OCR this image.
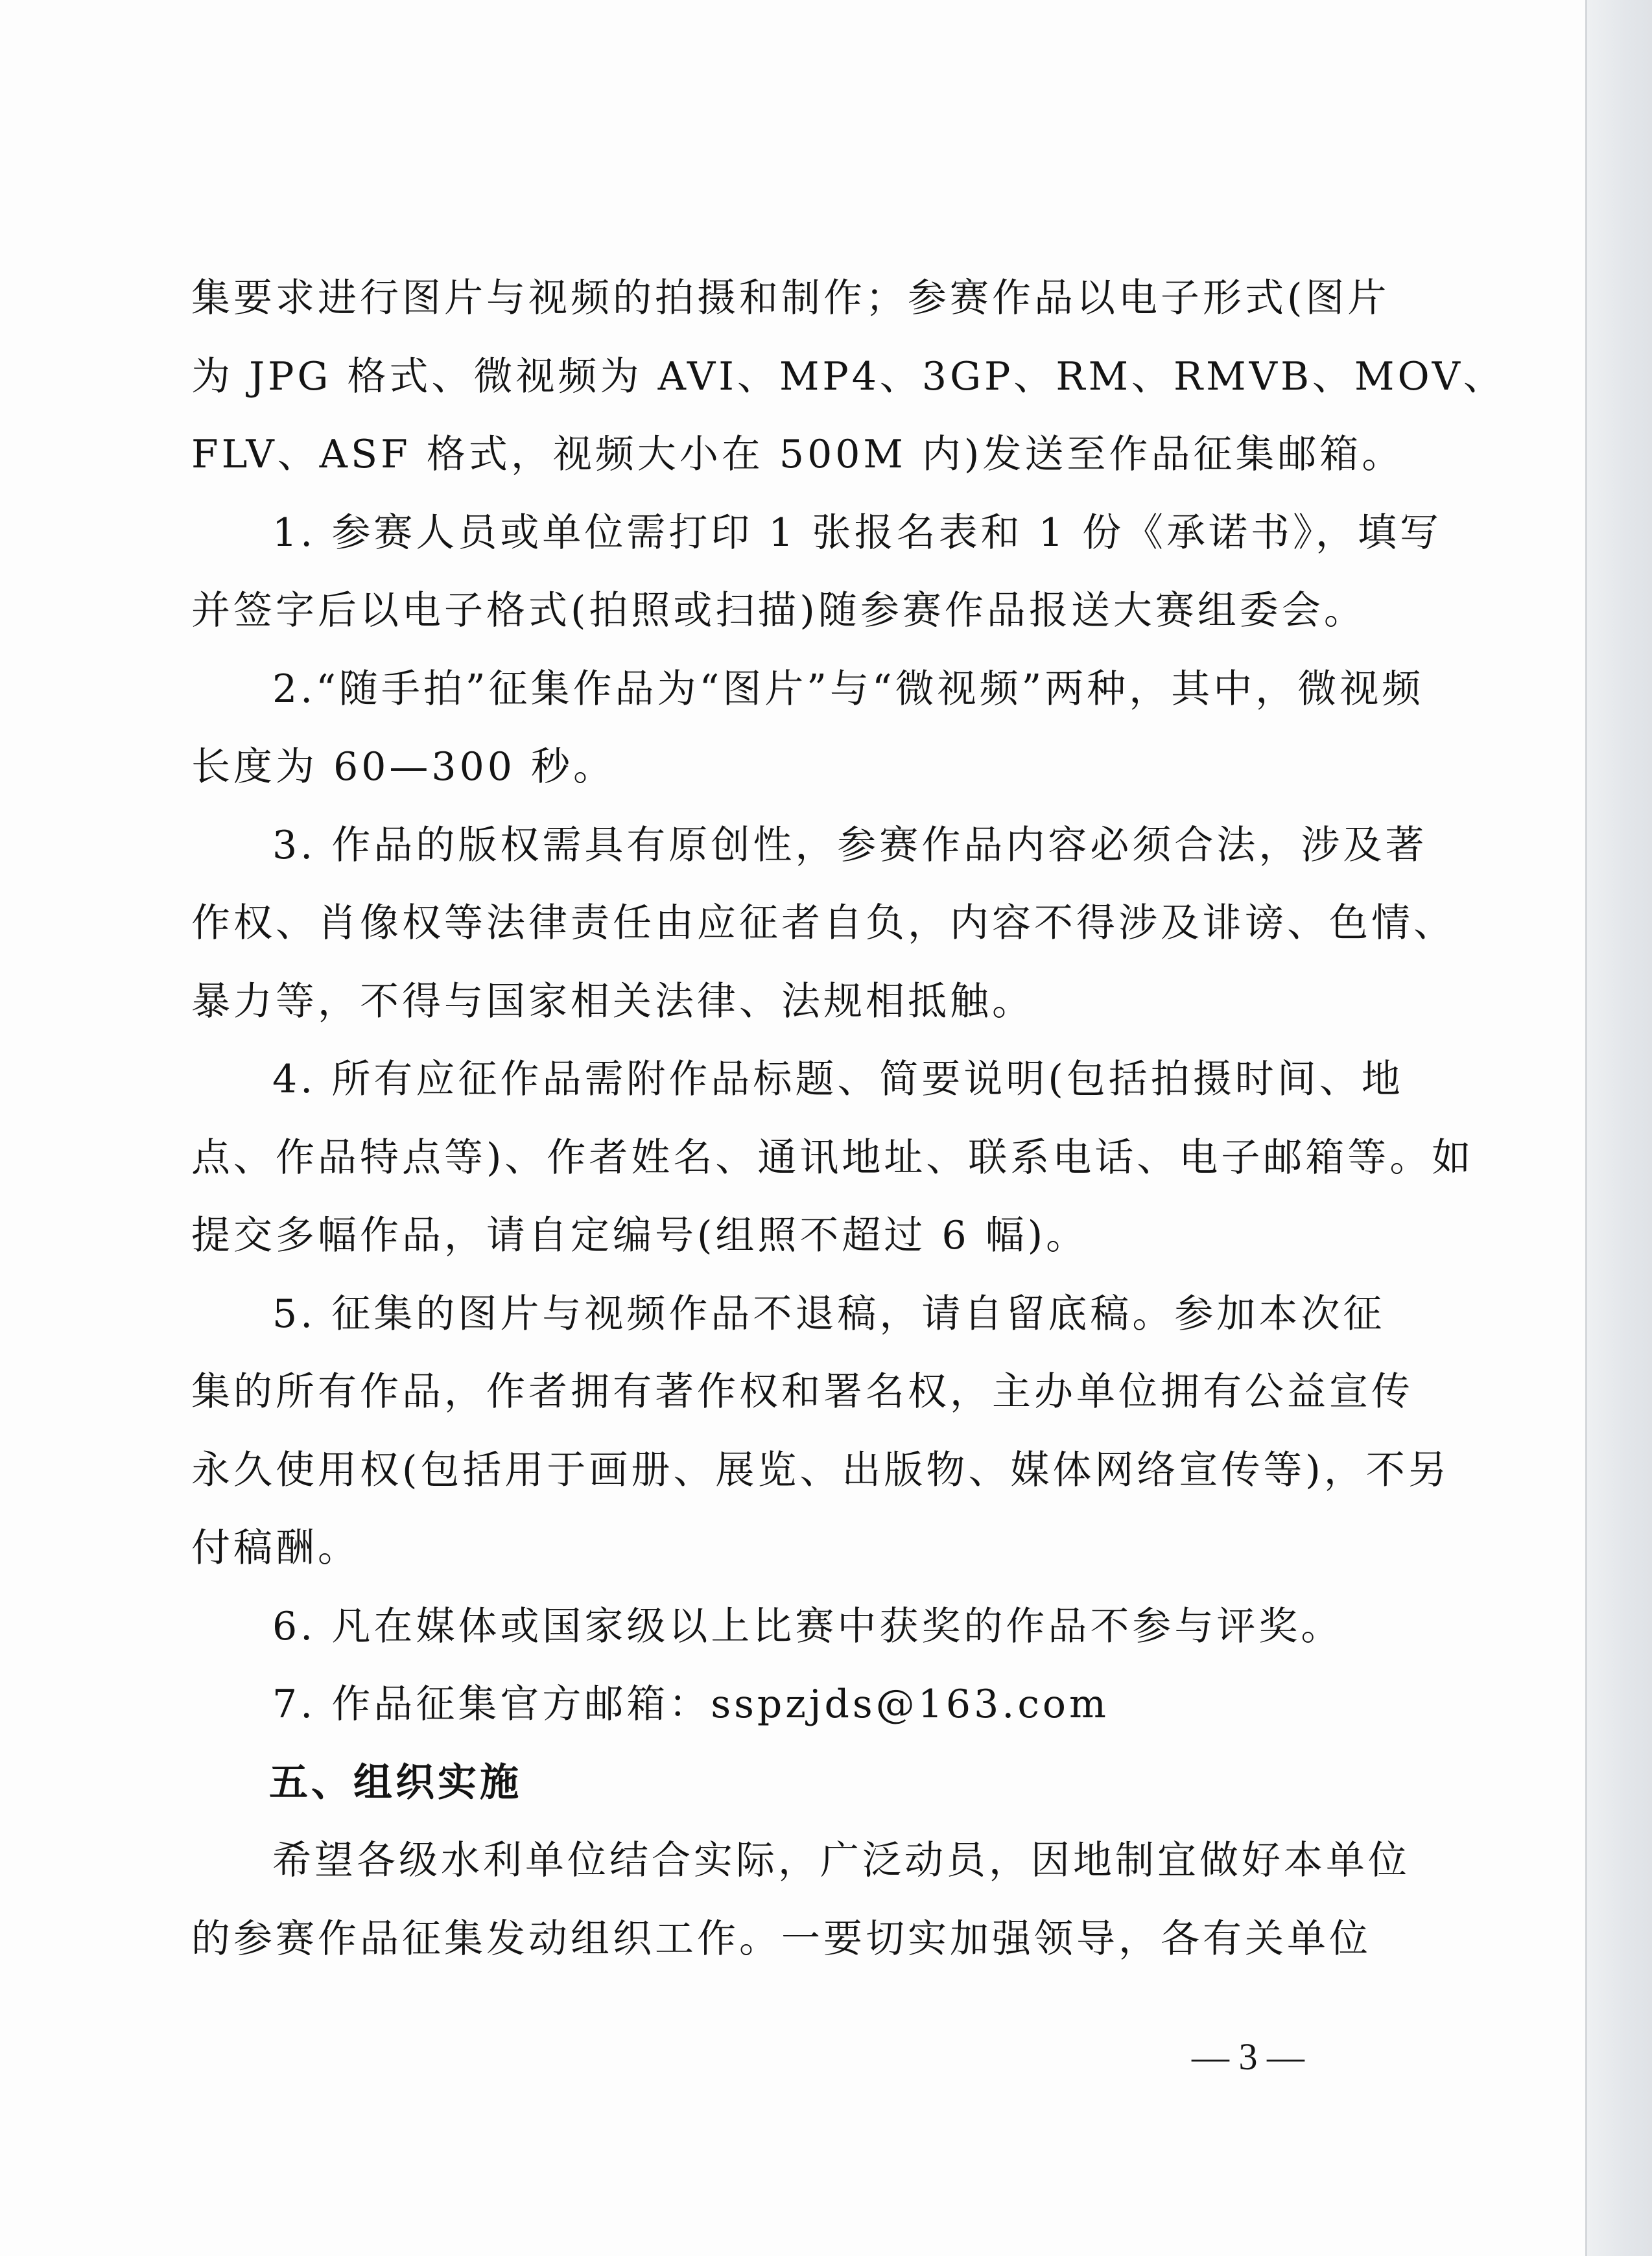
集要求进行图片与视频的拍摄和制作；参赛作品以电子形式(图片
为 JPG 格式、微视频为 AVI、MP4、3GP、RM、RMVB、MOV、
FLV、ASF 格式，视频大小在 500M 内)发送至作品征集邮箱。
1. 参赛人员或单位需打印 1 张报名表和 1 份《承诺书》，填写
并签字后以电子格式(拍照或扫描)随参赛作品报送大赛组委会。
2.“随手拍”征集作品为“图片”与“微视频”两种，其中，微视频
长度为 60—300 秒。
3. 作品的版权需具有原创性，参赛作品内容必须合法，涉及著
作权、肖像权等法律责任由应征者自负，内容不得涉及诽谤、色情、
暴力等，不得与国家相关法律、法规相抵触。
4. 所有应征作品需附作品标题、简要说明(包括拍摄时间、地
点、作品特点等)、作者姓名、通讯地址、联系电话、电子邮箱等。如
提交多幅作品，请自定编号(组照不超过 6 幅)。
5. 征集的图片与视频作品不退稿，请自留底稿。参加本次征
集的所有作品，作者拥有著作权和署名权，主办单位拥有公益宣传
永久使用权(包括用于画册、展览、出版物、媒体网络宣传等)，不另
付稿酬。
6. 凡在媒体或国家级以上比赛中获奖的作品不参与评奖。
7. 作品征集官方邮箱：sspzjds@163.com
五、组织实施
希望各级水利单位结合实际，广泛动员，因地制宜做好本单位
的参赛作品征集发动组织工作。一要切实加强领导，各有关单位
— 3 —
